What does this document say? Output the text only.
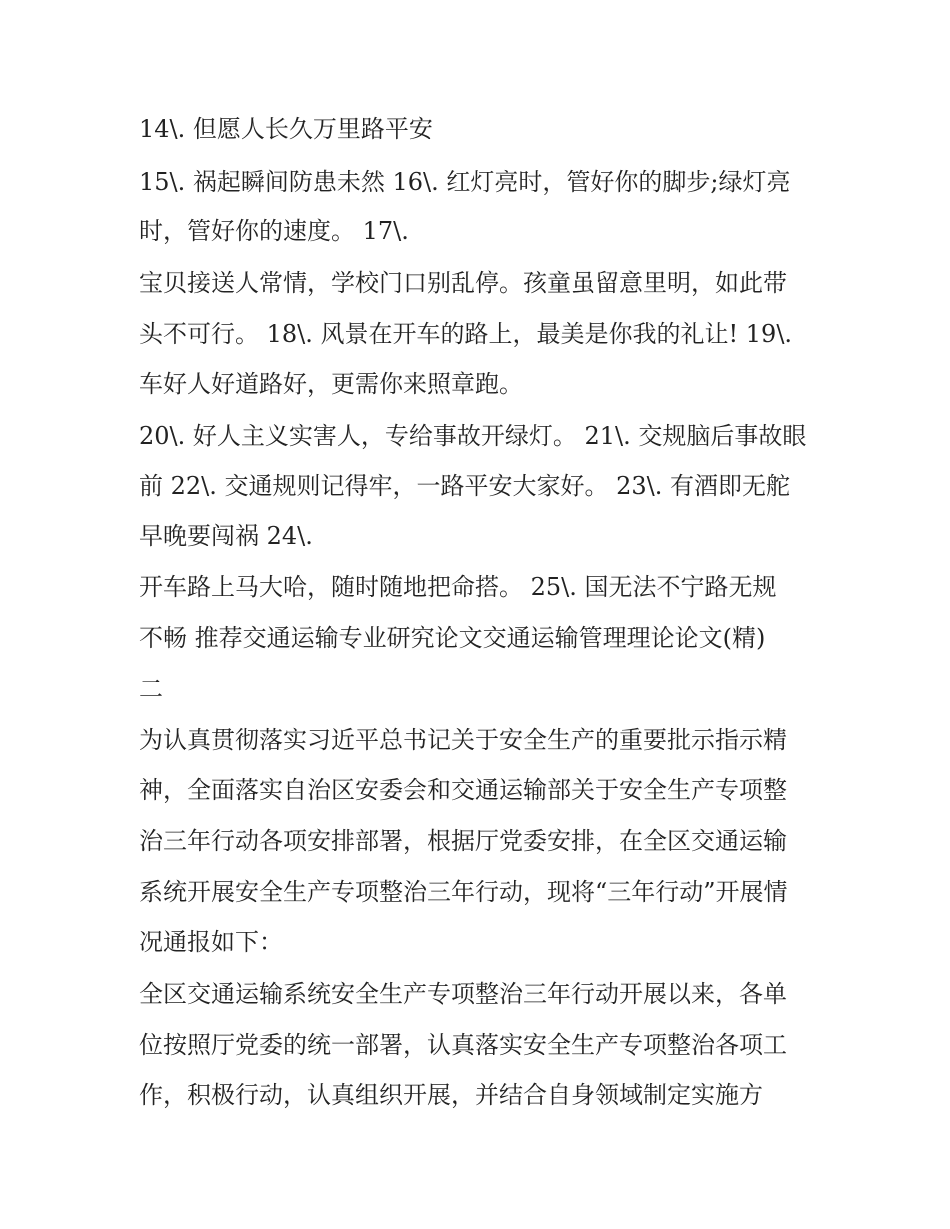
14\. 但愿人长久万里路平安

15\. 祸起瞬间防患未然 16\. 红灯亮时，管好你的脚步;绿灯亮

时，管好你的速度。 17\.

宝贝接送人常情，学校门口别乱停。孩童虽留意里明，如此带

头不可行。 18\. 风景在开车的路上，最美是你我的礼让! 19\.

车好人好道路好，更需你来照章跑。

20\. 好人主义实害人，专给事故开绿灯。 21\. 交规脑后事故眼

前 22\. 交通规则记得牢，一路平安大家好。 23\. 有酒即无舵

早晚要闯祸 24\.

开车路上马大哈，随时随地把命搭。 25\. 国无法不宁路无规

不畅 推荐交通运输专业研究论文交通运输管理理论论文(精)

二

为认真贯彻落实习近平总书记关于安全生产的重要批示指示精

神，全面落实自治区安委会和交通运输部关于安全生产专项整

治三年行动各项安排部署，根据厅党委安排，在全区交通运输

系统开展安全生产专项整治三年行动，现将“三年行动”开展情

况通报如下：

全区交通运输系统安全生产专项整治三年行动开展以来，各单

位按照厅党委的统一部署，认真落实安全生产专项整治各项工

作，积极行动，认真组织开展，并结合自身领域制定实施方
